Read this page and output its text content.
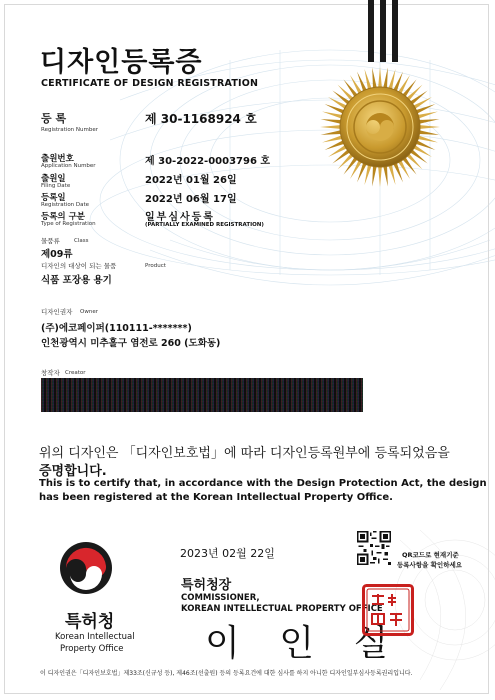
디자인등록증
CERTIFICATE OF DESIGN REGISTRATION
등 록
Registration Number
제 30-1168924 호
출원번호
Application Number	제 30-2022-0003796 호
출원일
Filing Date	2022년 01월 26일
등록일
Registration Date	2022년 06월 17일
등록의 구분
Type of Registration
일부심사등록
(PARTIALLY EXAMINED REGISTRATION)
물품류	Class
제09류
디자인의 대상이 되는 물품	Product
식품 포장용 용기
디자인권자 Owner
(주)에코페이퍼(110111-*******)
인천광역시 미추홀구 염전로 260 (도화동)
창작자 Creator
위의 디자인은 「디자인보호법」에 따라 디자인등록원부에 등록되었음을
증명합니다.
This is to certify that, in accordance with the Design Protection Act, the design
has been registered at the Korean Intellectual Property Office.
특허청
Korean Intellectual
Property Office
2023년 02월 22일	QR코드로 현재기준
등록사항을 확인하세요
특허청장
COMMISSIONER,
KOREAN INTELLECTUAL PROPERTY OFFICE
이 인 실
이 디자인권은「디자인보호법」제33조(신규성 등), 제46조(선출원) 등의 등록요건에 대한 심사를 하지 아니한 디자인일부심사등록권리입니다.
